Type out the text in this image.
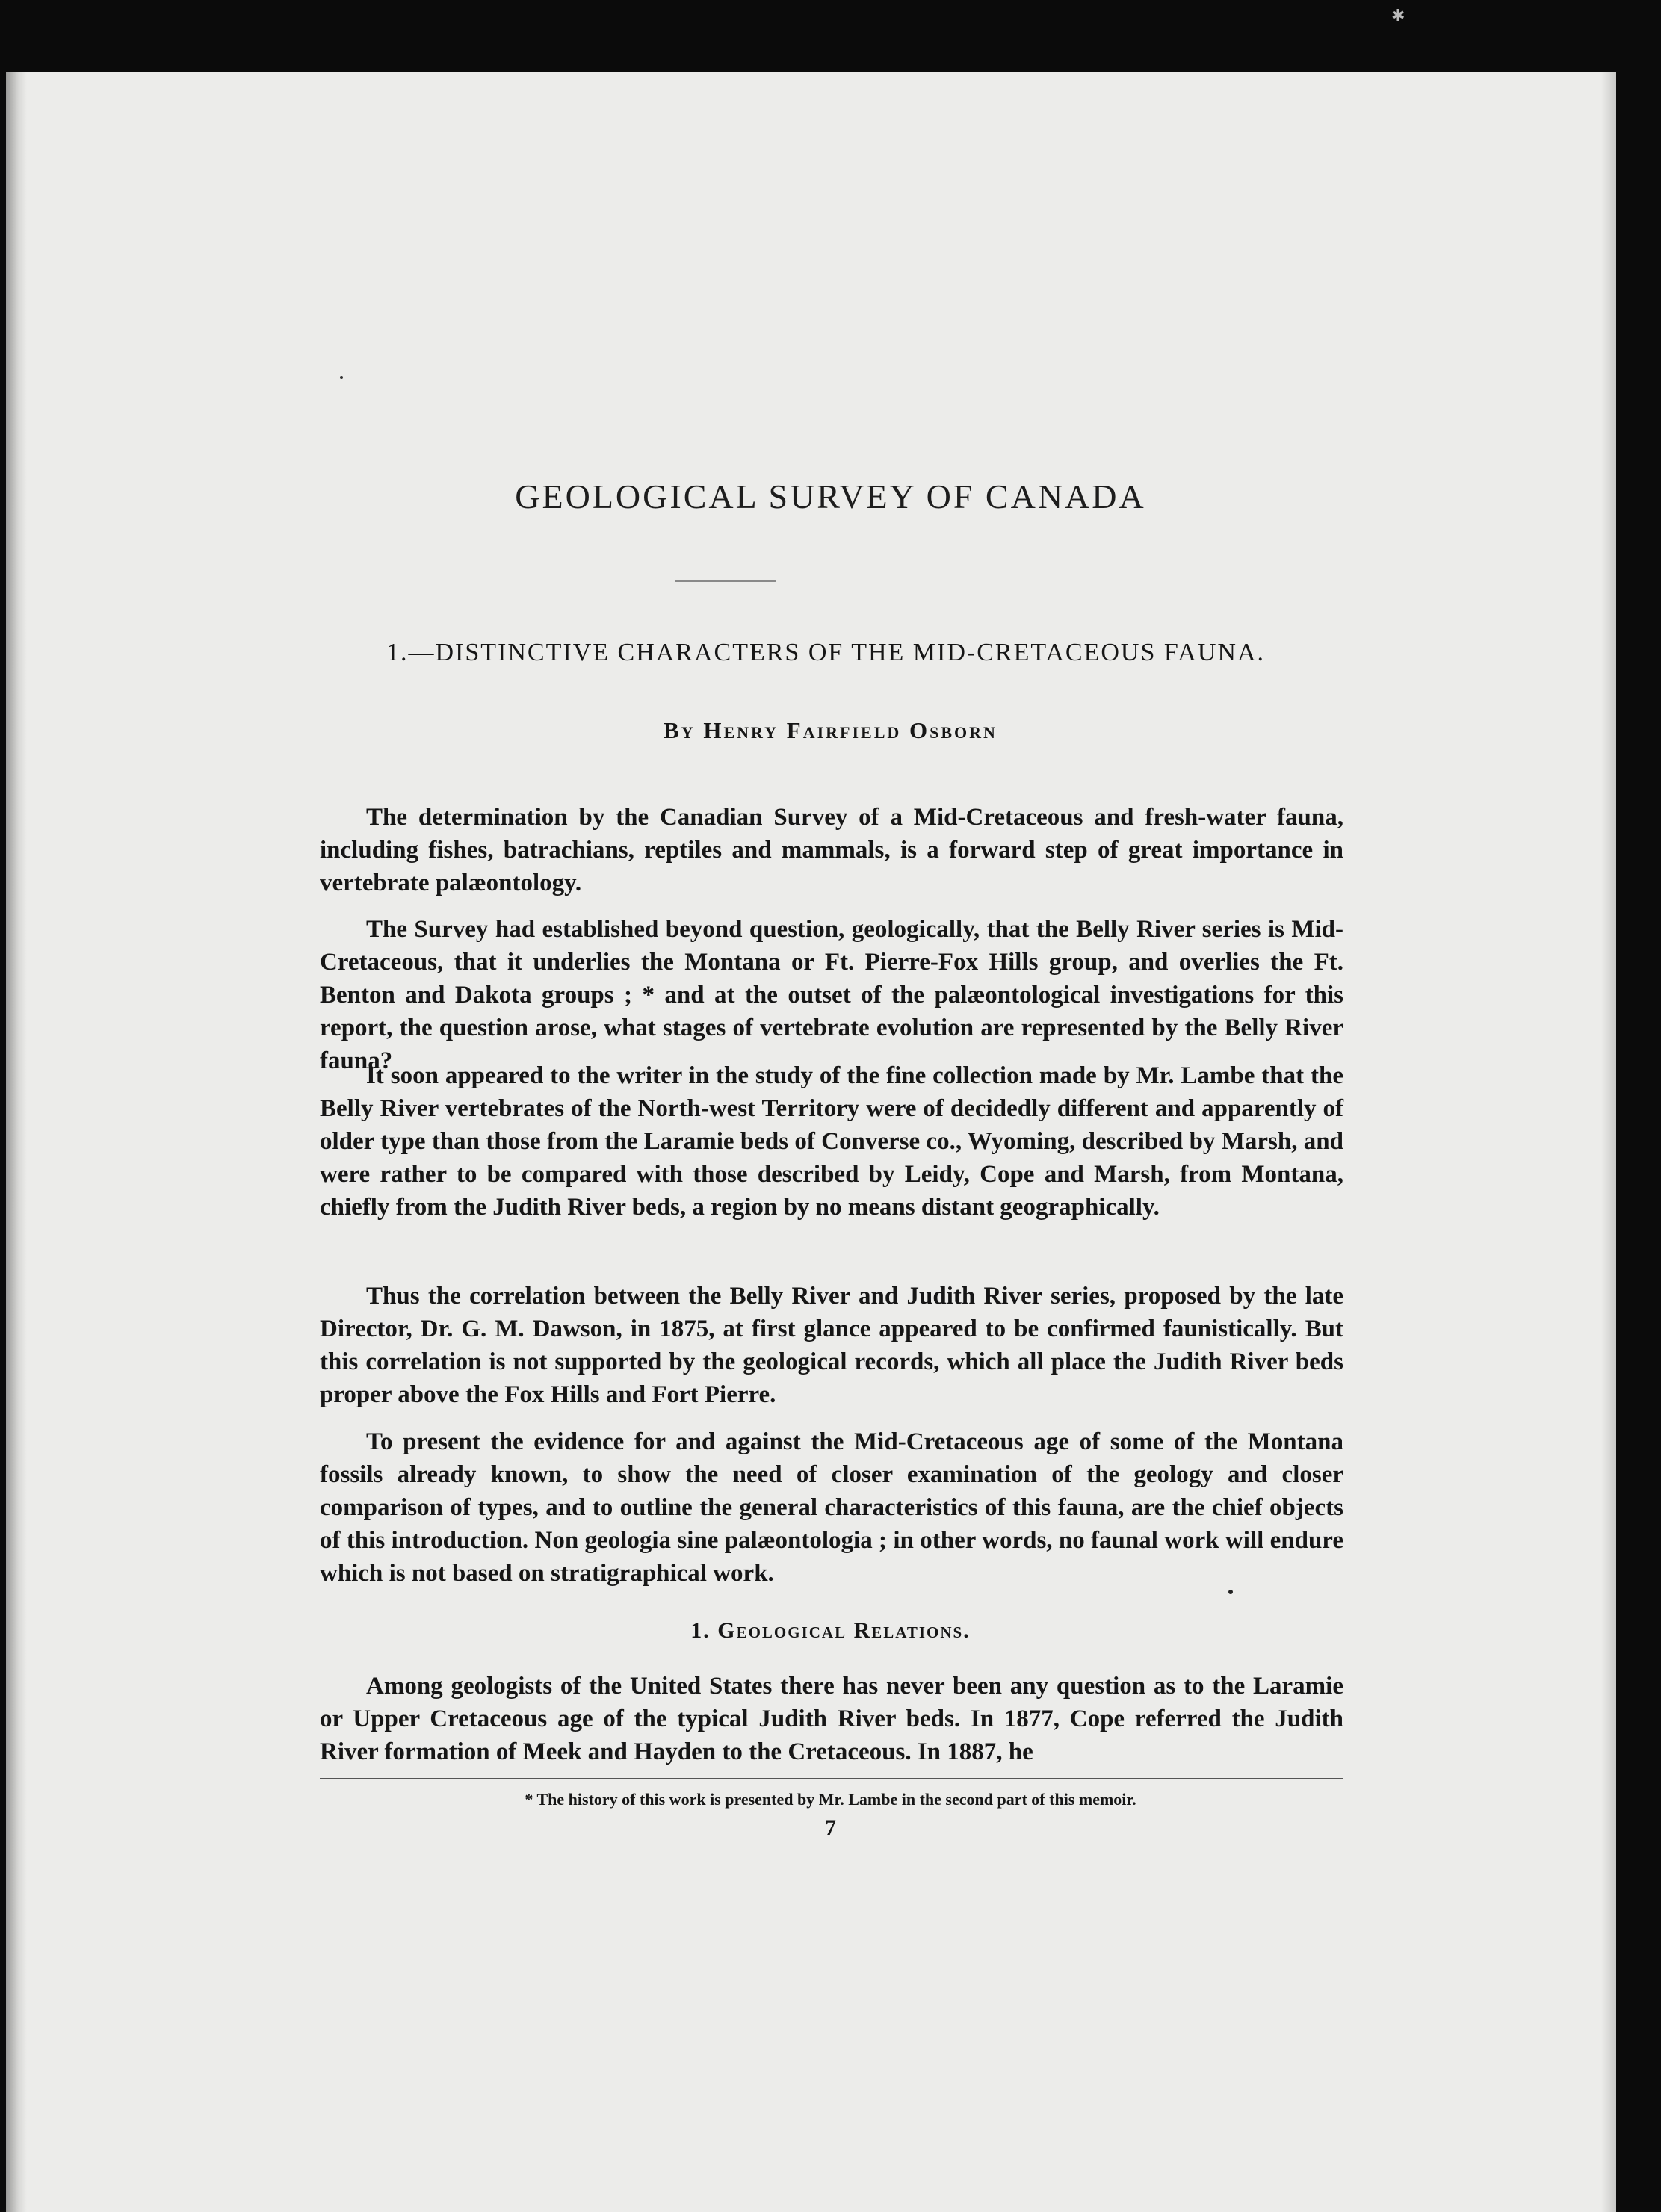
✱
GEOLOGICAL SURVEY OF CANADA
1.—DISTINCTIVE CHARACTERS OF THE MID-CRETACEOUS FAUNA.

By Henry Fairfield Osborn

The determination by the Canadian Survey of a Mid-Cretaceous and fresh-water fauna, including fishes, batrachians, reptiles and mammals, is a forward step of great importance in vertebrate palæontology.

The Survey had established beyond question, geologically, that the Belly River series is Mid-Cretaceous, that it underlies the Montana or Ft. Pierre-Fox Hills group, and overlies the Ft. Benton and Dakota groups ; * and at the outset of the palæontological investigations for this report, the question arose, what stages of vertebrate evolution are represented by the Belly River fauna?

It soon appeared to the writer in the study of the fine collection made by Mr. Lambe that the Belly River vertebrates of the North-west Territory were of decidedly different and apparently of older type than those from the Laramie beds of Converse co., Wyoming, described by Marsh, and were rather to be compared with those described by Leidy, Cope and Marsh, from Montana, chiefly from the Judith River beds, a region by no means distant geographically.

Thus the correlation between the Belly River and Judith River series, proposed by the late Director, Dr. G. M. Dawson, in 1875, at first glance appeared to be confirmed faunistically. But this correlation is not supported by the geological records, which all place the Judith River beds proper above the Fox Hills and Fort Pierre.

To present the evidence for and against the Mid-Cretaceous age of some of the Montana fossils already known, to show the need of closer examination of the geology and closer comparison of types, and to outline the general characteristics of this fauna, are the chief objects of this introduction. Non geologia sine palæontologia ; in other words, no faunal work will endure which is not based on stratigraphical work.

1. Geological Relations.

Among geologists of the United States there has never been any question as to the Laramie or Upper Cretaceous age of the typical Judith River beds. In 1877, Cope referred the Judith River formation of Meek and Hayden to the Cretaceous. In 1887, he

* The history of this work is presented by Mr. Lambe in the second part of this memoir.

7
